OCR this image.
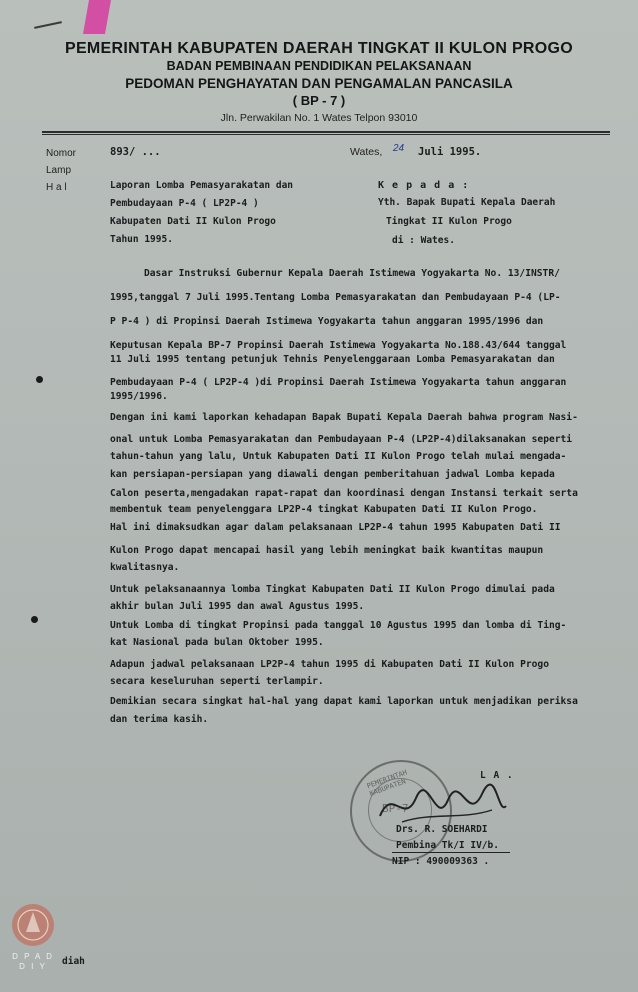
PEMERINTAH KABUPATEN DAERAH TINGKAT II KULON PROGO
BADAN PEMBINAAN PENDIDIKAN PELAKSANAAN
PEDOMAN PENGHAYATAN DAN PENGAMALAN PANCASILA
( BP - 7 )
Jln. Perwakilan No. 1 Wates Telpon 93010
Nomor	893/ ...
Lamp
H a l	Laporan Lomba Pemasyarakatan dan
Pembudayaan P-4 ( LP2P-4 )
Kabupaten Dati II Kulon Progo
Tahun 1995.
Wates, 24 Juli 1995.
K e p a d a :
Yth. Bapak Bupati Kepala Daerah
Tingkat II Kulon Progo
di : Wates.
Dasar Instruksi Gubernur Kepala Daerah Istimewa Yogyakarta No. 13/INSTR/
1995,tanggal 7 Juli 1995.Tentang Lomba Pemasyarakatan dan Pembudayaan P-4 (LP-
P P-4 ) di Propinsi Daerah Istimewa Yogyakarta tahun anggaran 1995/1996 dan
Keputusan Kepala BP-7 Propinsi Daerah Istimewa Yogyakarta No.188.43/644 tanggal
11 Juli 1995 tentang petunjuk Tehnis Penyelenggaraan Lomba Pemasyarakatan dan
Pembudayaan P-4 ( LP2P-4 )di Propinsi Daerah Istimewa Yogyakarta tahun anggaran
1995/1996.
Dengan ini kami laporkan kehadapan Bapak Bupati Kepala Daerah bahwa program Nasi-
onal untuk Lomba Pemasyarakatan dan Pembudayaan P-4 (LP2P-4)dilaksanakan seperti
tahun-tahun yang lalu, Untuk Kabupaten Dati II Kulon Progo telah mulai mengada-
kan persiapan-persiapan yang diawali dengan pemberitahuan jadwal Lomba kepada
Calon peserta,mengadakan rapat-rapat dan koordinasi dengan Instansi terkait serta
membentuk team penyelenggara LP2P-4 tingkat Kabupaten Dati II Kulon Progo.
Hal ini dimaksudkan agar dalam pelaksanaan LP2P-4 tahun 1995 Kabupaten Dati II
Kulon Progo dapat mencapai hasil yang lebih meningkat baik kwantitas maupun
kwalitasnya.
Untuk pelaksanaannya lomba Tingkat Kabupaten Dati II Kulon Progo dimulai pada
akhir bulan Juli 1995 dan awal Agustus 1995.
Untuk Lomba di tingkat Propinsi pada tanggal 10 Agustus 1995 dan lomba di Ting-
kat Nasional pada bulan Oktober 1995.
Adapun jadwal pelaksanaan LP2P-4 tahun 1995 di Kabupaten Dati II Kulon Progo
secara keseluruhan seperti terlampir.
Demikian secara singkat hal-hal yang dapat kami laporkan untuk menjadikan periksa
dan terima kasih.
BP-7
PEMERINTAH KABUPATEN
L A .
Drs. R. SOEHARDI
Pembina Tk/I IV/b.
NIP : 490009363 .
diah
D P A D
D I Y
